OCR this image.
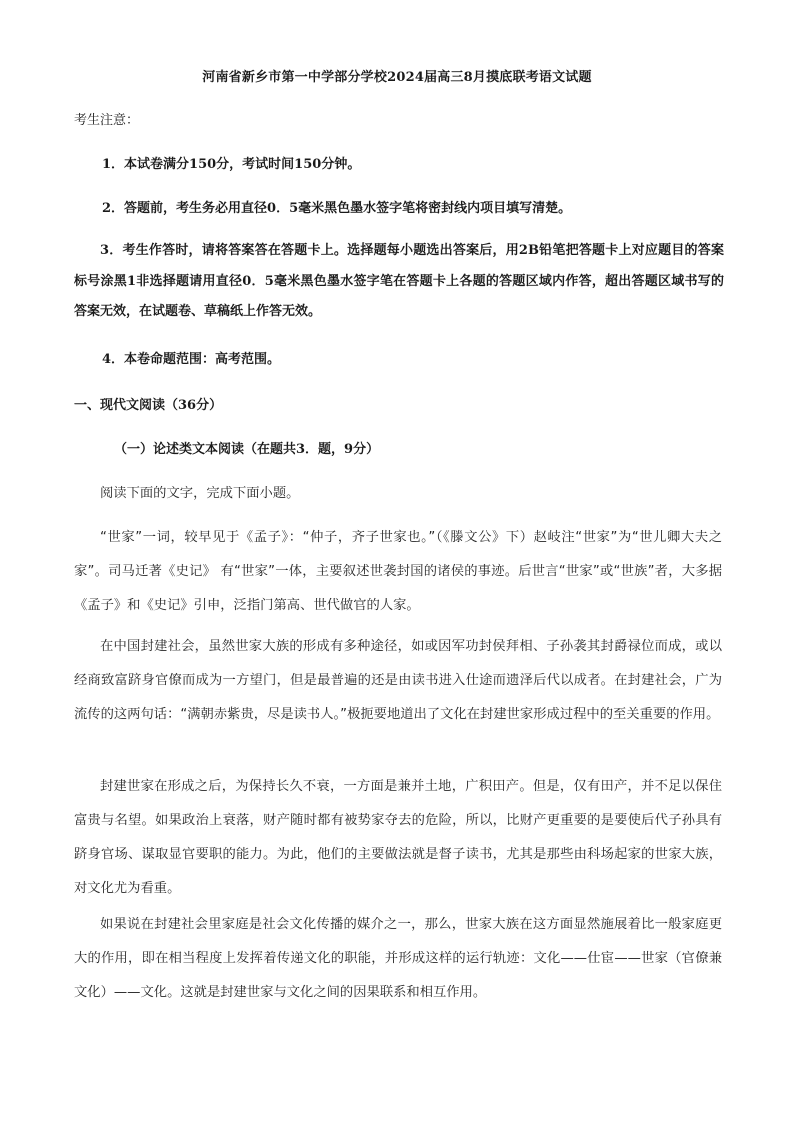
河南省新乡市第一中学部分学校2024届高三8月摸底联考语文试题
考生注意：
1．本试卷满分150分，考试时间150分钟。
2．答题前，考生务必用直径0．5毫米黑色墨水签字笔将密封线内项目填写清楚。
3．考生作答时，请将答案答在答题卡上。选择题每小题选出答案后，用2B铅笔把答题卡上对应题目的答案标号涂黑1非选择题请用直径0．5毫米黑色墨水签字笔在答题卡上各题的答题区域内作答，超出答题区域书写的答案无效，在试题卷、草稿纸上作答无效。
4．本卷命题范围：高考范围。
一、现代文阅读（36分）
（一）论述类文本阅读（在题共3．题，9分）
阅读下面的文字，完成下面小题。
“世家”一词，较早见于《孟子》：“仲子，齐子世家也。”（《滕文公》下）赵岐注“世家”为“世儿卿大夫之家”。司马迁著《史记》 有“世家”一体，主要叙述世袭封国的诸侯的事迹。后世言“世家”或“世族”者，大多据《孟子》和《史记》引申，泛指门第高、世代做官的人家。
在中国封建社会，虽然世家大族的形成有多种途径，如或因军功封侯拜相、子孙袭其封爵禄位而成，或以经商致富跻身官僚而成为一方望门，但是最普遍的还是由读书进入仕途而遗泽后代以成者。在封建社会，广为流传的这两句话：“满朝赤紫贵，尽是读书人。”极扼要地道出了文化在封建世家形成过程中的至关重要的作用。
封建世家在形成之后，为保持长久不衰，一方面是兼并土地，广积田产。但是，仅有田产，并不足以保住富贵与名望。如果政治上衰落，财产随时都有被势家夺去的危险，所以，比财产更重要的是要使后代子孙具有跻身官场、谋取显官要职的能力。为此，他们的主要做法就是督子读书，尤其是那些由科场起家的世家大族，对文化尤为看重。
如果说在封建社会里家庭是社会文化传播的媒介之一，那么，世家大族在这方面显然施展着比一般家庭更大的作用，即在相当程度上发挥着传递文化的职能，并形成这样的运行轨迹：文化——仕宦——世家（官僚兼文化）——文化。这就是封建世家与文化之间的因果联系和相互作用。
